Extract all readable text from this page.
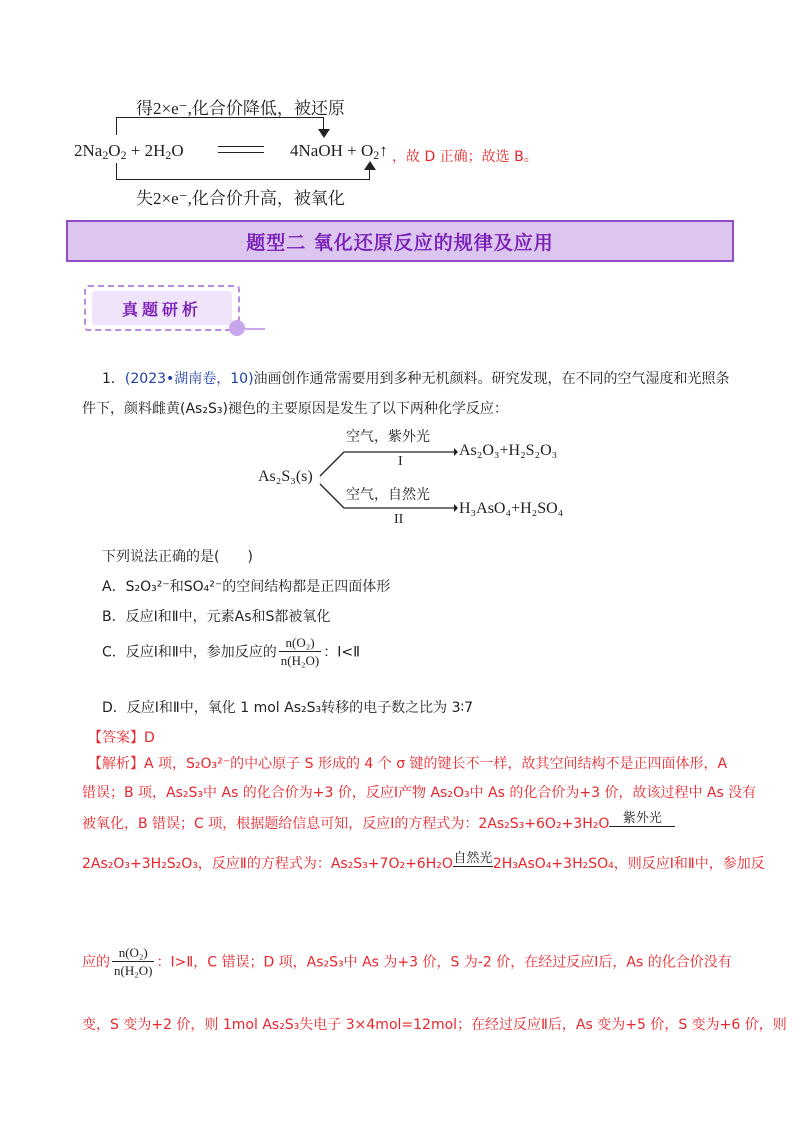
得2×e⁻,化合价降低，被还原
$2Na_2O_2 + 2H_2O$	4NaOH + $O_2↑$ ，故 D 正确；故选 B。
失2×e⁻,化合价升高，被氧化
题型二 氧化还原反应的规律及应用
真题研析
1．(2023•湖南卷，10)油画创作通常需要用到多种无机颜料。研究发现，在不同的空气湿度和光照条
件下，颜料雌黄(As₂S₃)褪色的主要原因是发生了以下两种化学反应：
As₂S₃(s)
空气，紫外光
I
As₂O₃+H₂S₂O₃
空气，自然光
II
H₃AsO₄+H₂SO₄
下列说法正确的是(　　)
A．S₂O₃²⁻和SO₄²⁻的空间结构都是正四面体形
B．反应Ⅰ和Ⅱ中，元素As和S都被氧化
C．反应Ⅰ和Ⅱ中，参加反应的 $\frac{\text{n(O₂)}}{\text{n(H₂O)}}$ ：Ⅰ<Ⅱ
D．反应Ⅰ和Ⅱ中，氧化 1 mol As₂S₃转移的电子数之比为 3∶7
【答案】D
【解析】A 项，S₂O₃²⁻的中心原子 S 形成的 4 个 σ 键的键长不一样，故其空间结构不是正四面体形，A
错误；B 项，As₂S₃中 As 的化合价为+3 价，反应Ⅰ产物 As₂O₃中 As 的化合价为+3 价，故该过程中 As 没有
被氧化，B 错误；C 项，根据题给信息可知，反应Ⅰ的方程式为：2As₂S₃+6O₂+3H₂O	紫外光
2As₂O₃+3H₂S₂O₃，反应Ⅱ的方程式为：As₂S₃+7O₂+6H₂O 自然光 2H₃AsO₄+3H₂SO₄，则反应Ⅰ和Ⅱ中，参加反
应的 $\frac{\text{n(O₂)}}{\text{n(H₂O)}}$ ：Ⅰ>Ⅱ，C 错误；D 项，As₂S₃中 As 为+3 价，S 为-2 价，在经过反应Ⅰ后，As 的化合价没有
变，S 变为+2 价，则 1mol As₂S₃失电子 3×4mol=12mol；在经过反应Ⅱ后，As 变为+5 价，S 变为+6 价，则
